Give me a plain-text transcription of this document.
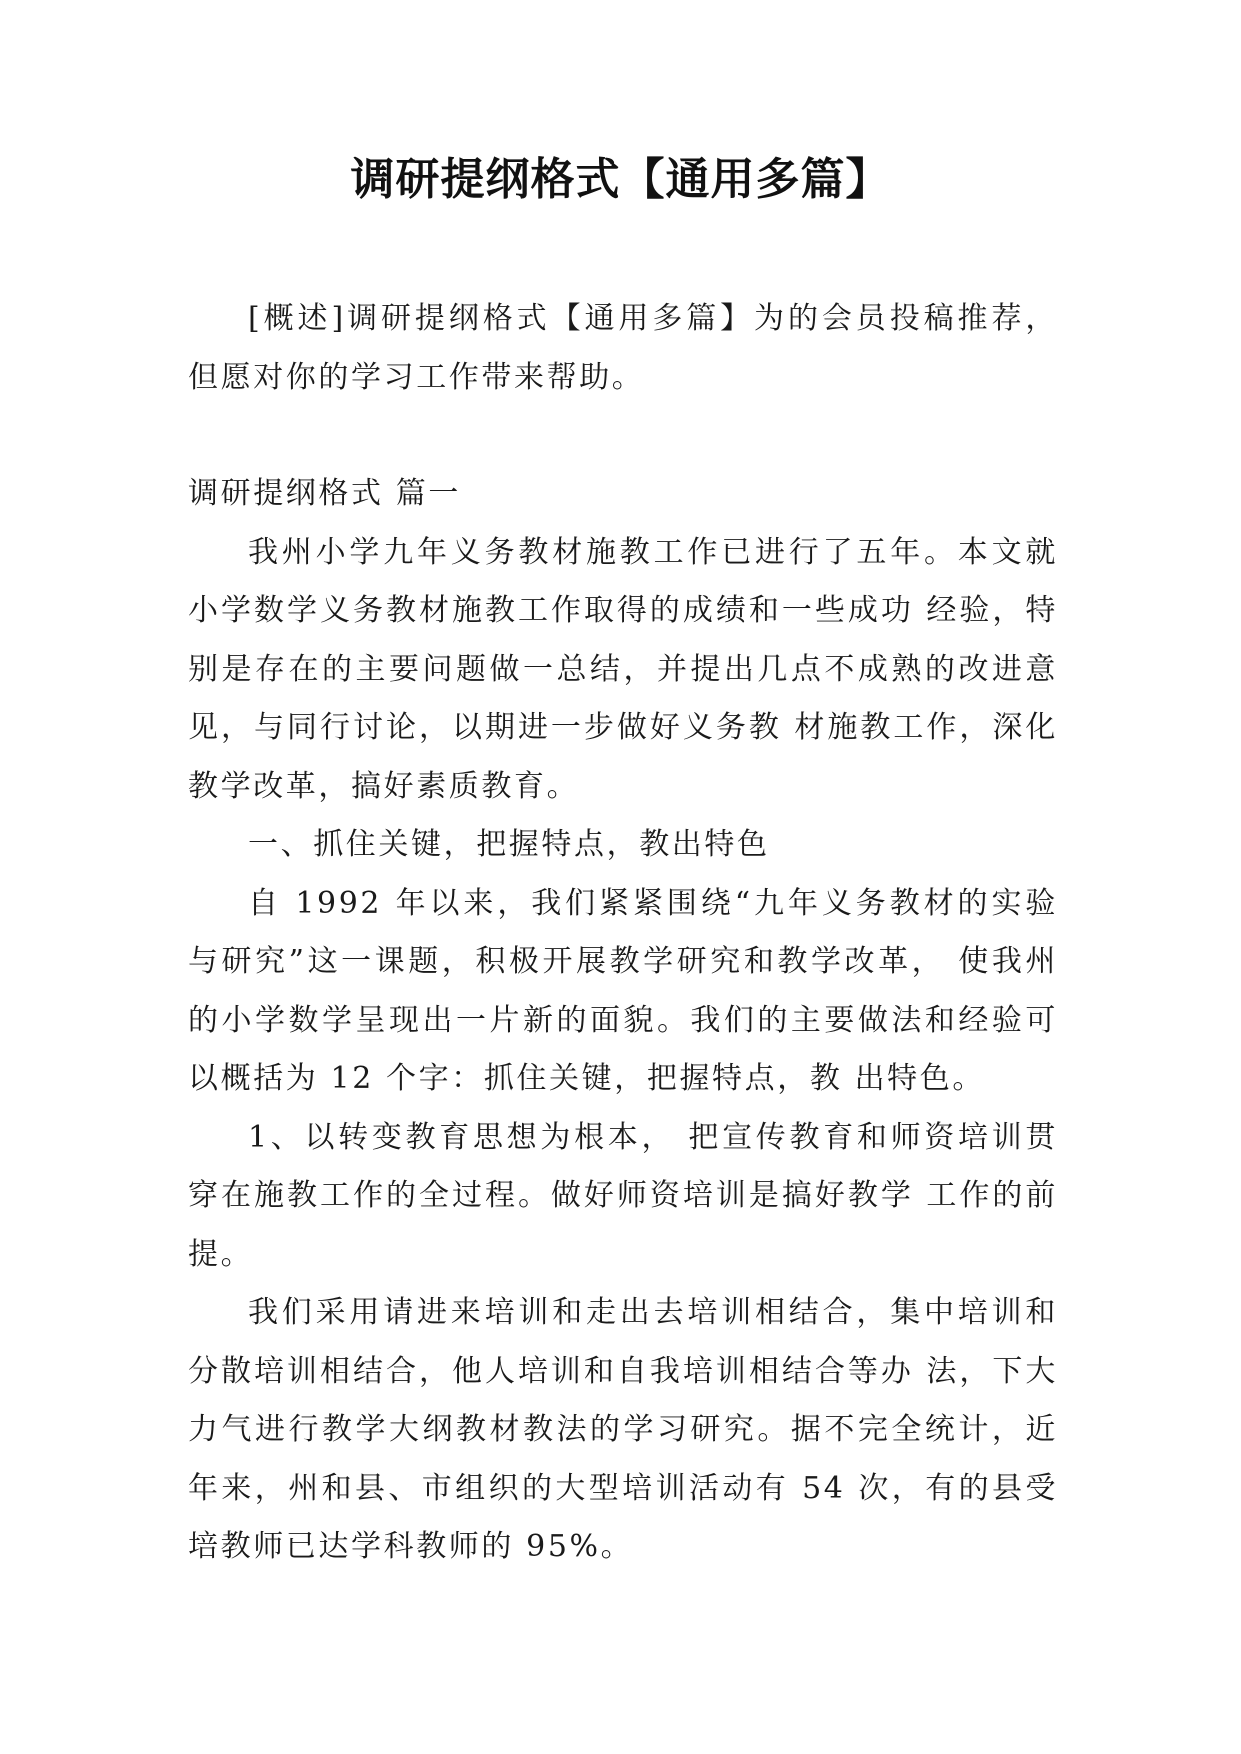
调研提纲格式【通用多篇】

[概述]调研提纲格式【通用多篇】为的会员投稿推荐，但愿对你的学习工作带来帮助。

调研提纲格式 篇一

我州小学九年义务教材施教工作已进行了五年。本文就小学数学义务教材施教工作取得的成绩和一些成功 经验，特别是存在的主要问题做一总结，并提出几点不成熟的改进意见，与同行讨论，以期进一步做好义务教 材施教工作，深化教学改革，搞好素质教育。

一、抓住关键，把握特点，教出特色

自 1992 年以来，我们紧紧围绕“九年义务教材的实验与研究”这一课题，积极开展教学研究和教学改革， 使我州的小学数学呈现出一片新的面貌。我们的主要做法和经验可以概括为 12 个字：抓住关键，把握特点，教 出特色。

1、以转变教育思想为根本， 把宣传教育和师资培训贯穿在施教工作的全过程。做好师资培训是搞好教学 工作的前提。

我们采用请进来培训和走出去培训相结合，集中培训和分散培训相结合，他人培训和自我培训相结合等办 法，下大力气进行教学大纲教材教法的学习研究。据不完全统计，近年来，州和县、市组织的大型培训活动有 54 次，有的县受培教师已达学科教师的 95%。
